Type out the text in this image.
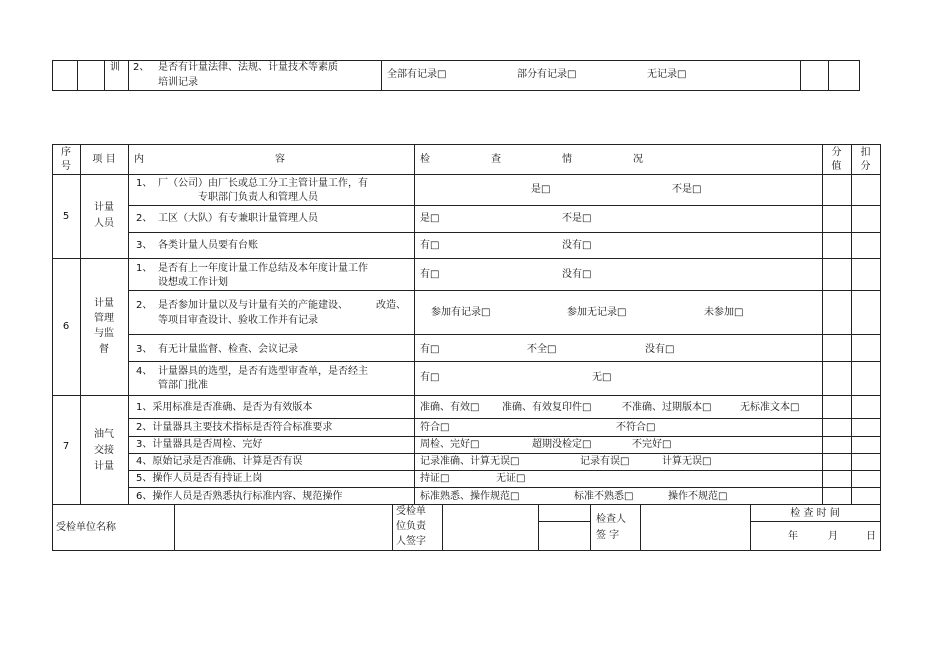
训 2、 是否有计量法律、法规、计量技术等素质
培训记录
全部有记录□	部分有记录□	无记录□
序
号
项 目	内	容	检	查	情	况
分
值
扣
分
5
计量
人员
1、 厂（公司）由厂长或总工分工主管计量工作，有
专职部门负责人和管理人员
是□	不是□
2、 工区（大队）有专兼职计量管理人员	是□	不是□
3、 各类计量人员要有台账	有□	没有□
6
计量
管理
与监
督
1、 是否有上一年度计量工作总结及本年度计量工作
设想或工作计划
有□	没有□
2、 是否参加计量以及与计量有关的产能建设、	改造、
等项目审查设计、验收工作并有记录
参加有记录□	参加无记录□	未参加□
3、 有无计量监督、检查、会议记录	有□	不全□	没有□
4、 计量器具的选型，是否有选型审查单，是否经主
管部门批准
有□	无□
7
油气
交接
计量
1、采用标准是否准确、是否为有效版本	准确、有效□ 准确、有效复印件□	不准确、过期版本□	无标准文本□
2、计量器具主要技术指标是否符合标准要求	符合□	不符合□
3、计量器具是否周检、完好	周检、完好□	超期没检定□	不完好□
4、原始记录是否准确、计算是否有误	记录准确、计算无误□	记录有误□	计算无误□
5、操作人员是否有持证上岗	持证□	无证□
6、操作人员是否熟悉执行标准内容、规范操作	标准熟悉、操作规范□	标准不熟悉□	操作不规范□
受检单位名称
受检单
位负责
人签字
检查人
签 字
检 查 时 间
年	月	日
